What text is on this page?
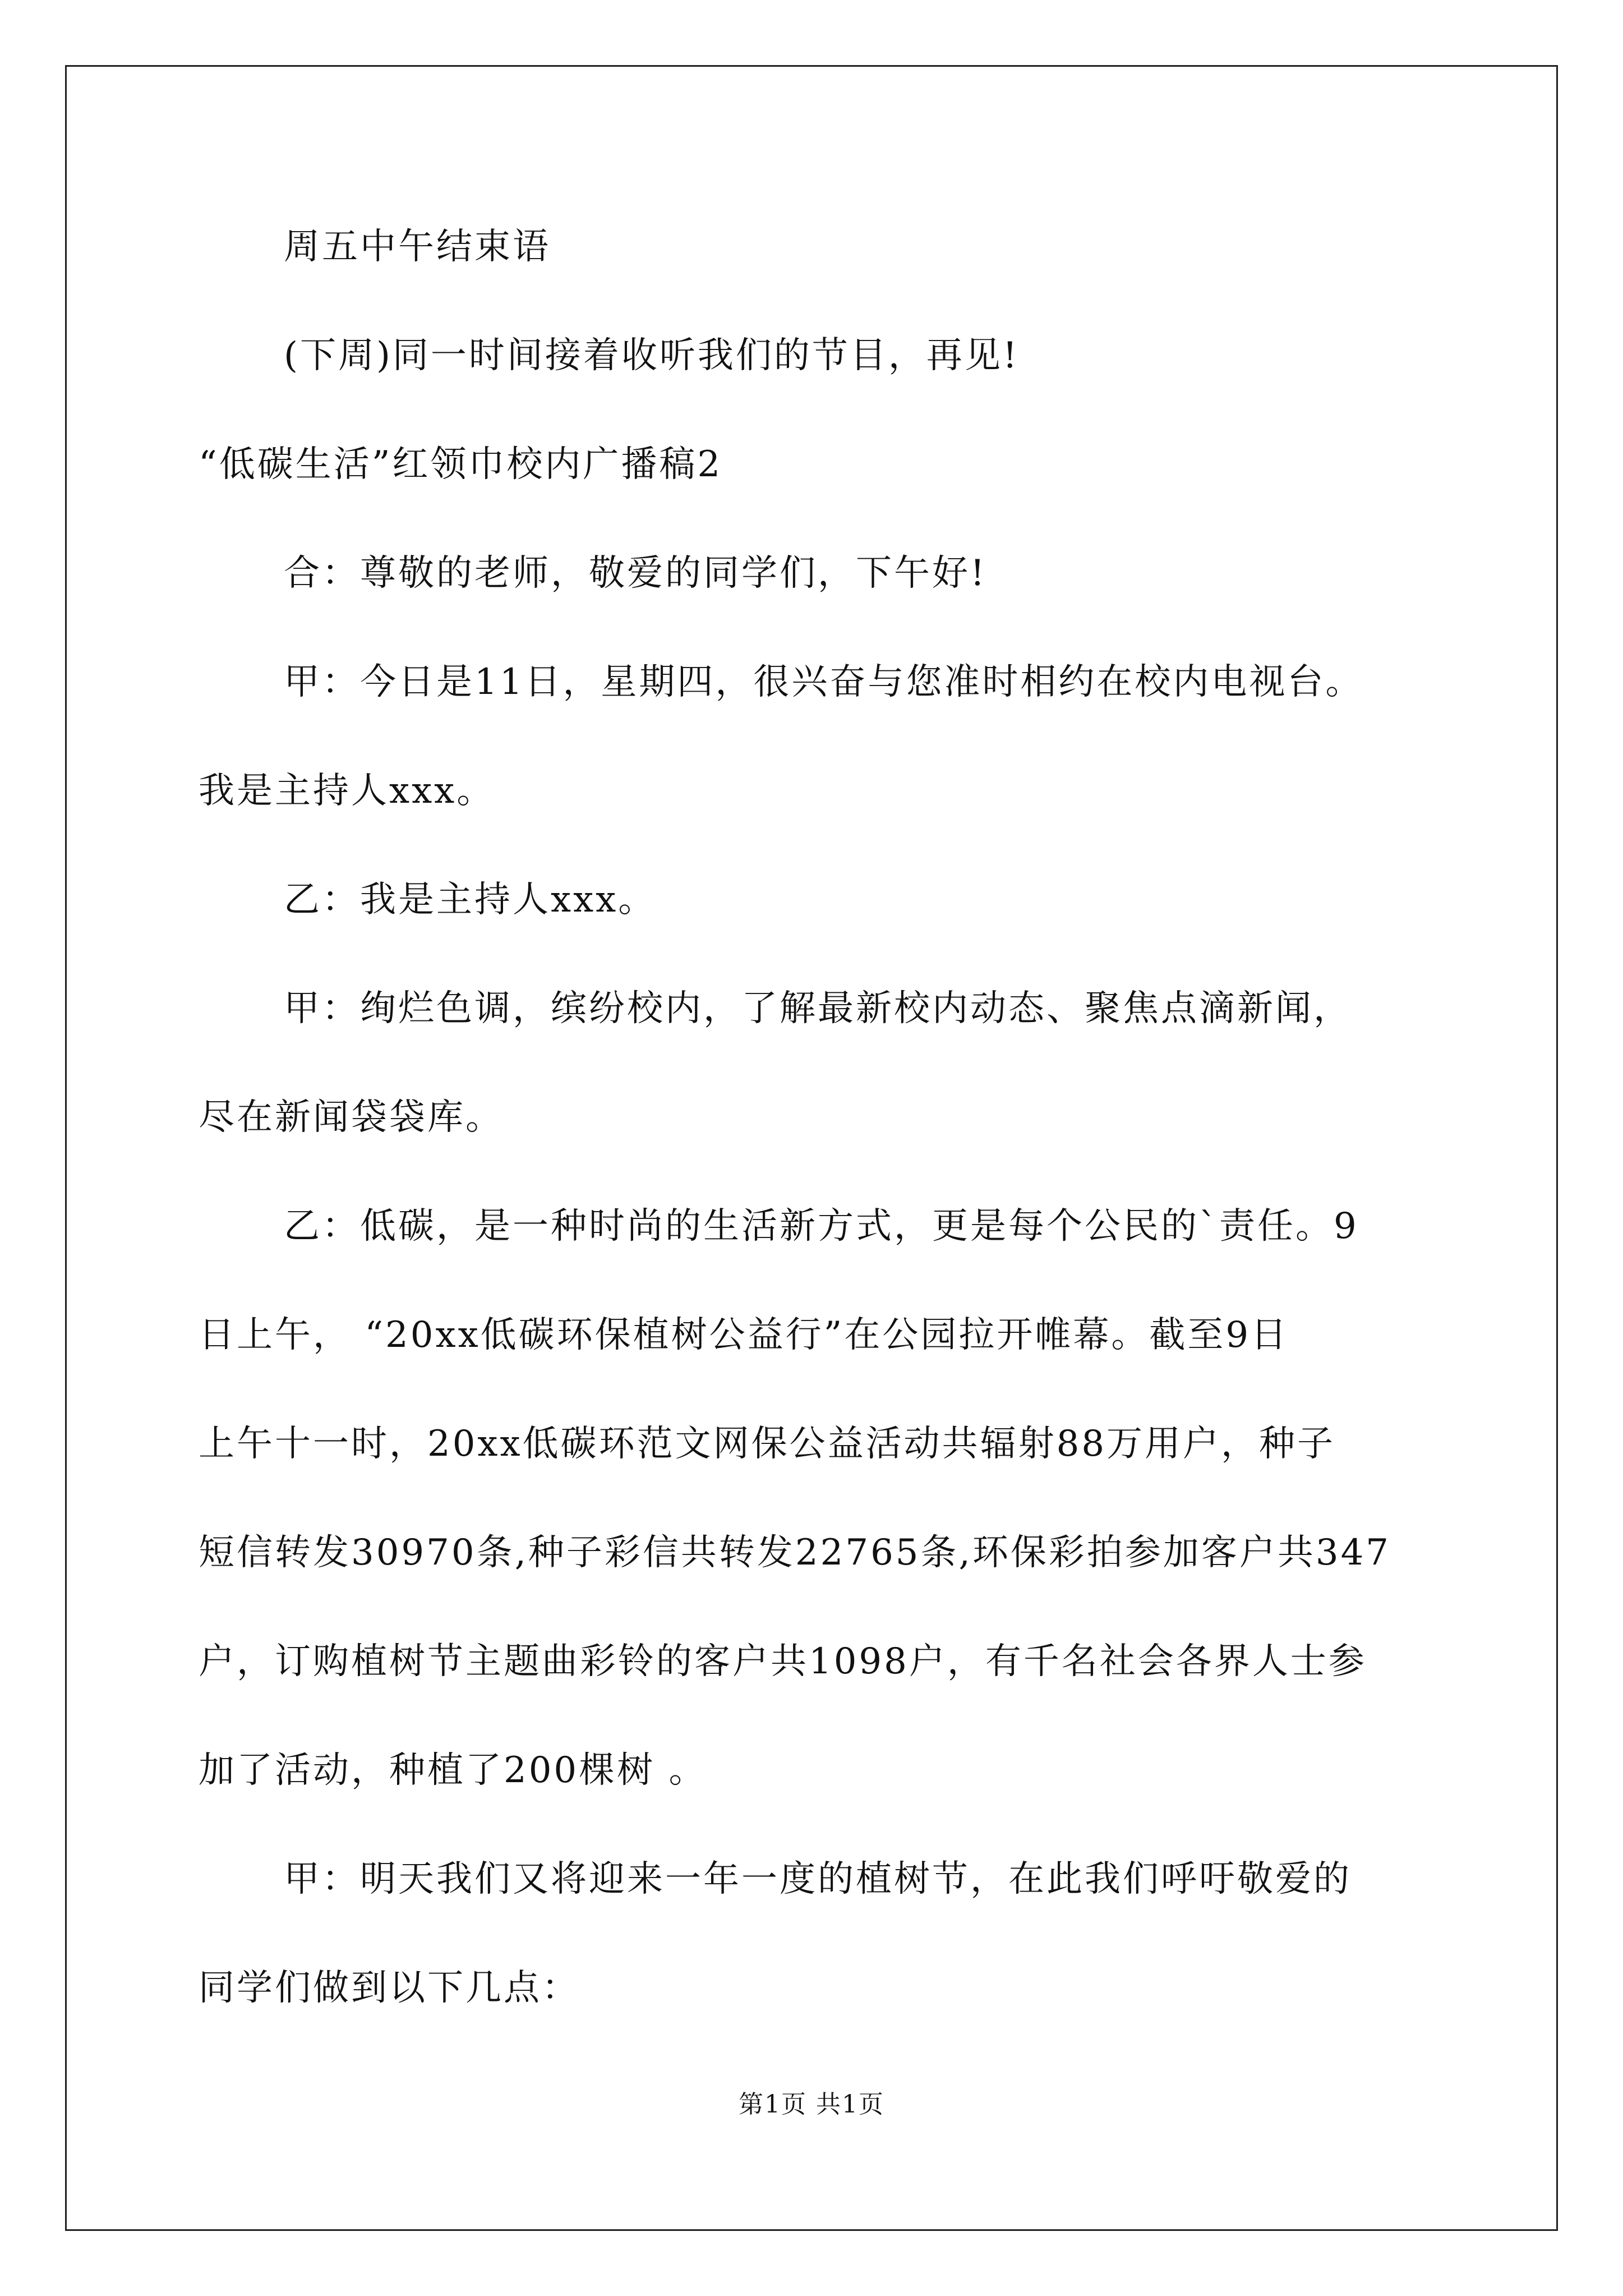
周五中午结束语
(下周)同一时间接着收听我们的节目，再见!
“低碳生活”红领巾校内广播稿2
合：尊敬的老师，敬爱的同学们，下午好!
甲：今日是11日，星期四，很兴奋与您准时相约在校内电视台。
我是主持人xxx。
乙：我是主持人xxx。
甲：绚烂色调，缤纷校内，了解最新校内动态、聚焦点滴新闻，
尽在新闻袋袋库。
乙：低碳，是一种时尚的生活新方式，更是每个公民的`责任。9
日上午， “20xx低碳环保植树公益行”在公园拉开帷幕。截至9日
上午十一时，20xx低碳环范文网保公益活动共辐射88万用户，种子
短信转发30970条,种子彩信共转发22765条,环保彩拍参加客户共347
户，订购植树节主题曲彩铃的客户共1098户，有千名社会各界人士参
加了活动，种植了200棵树 。
甲：明天我们又将迎来一年一度的植树节，在此我们呼吁敬爱的
同学们做到以下几点：
第1页 共1页
